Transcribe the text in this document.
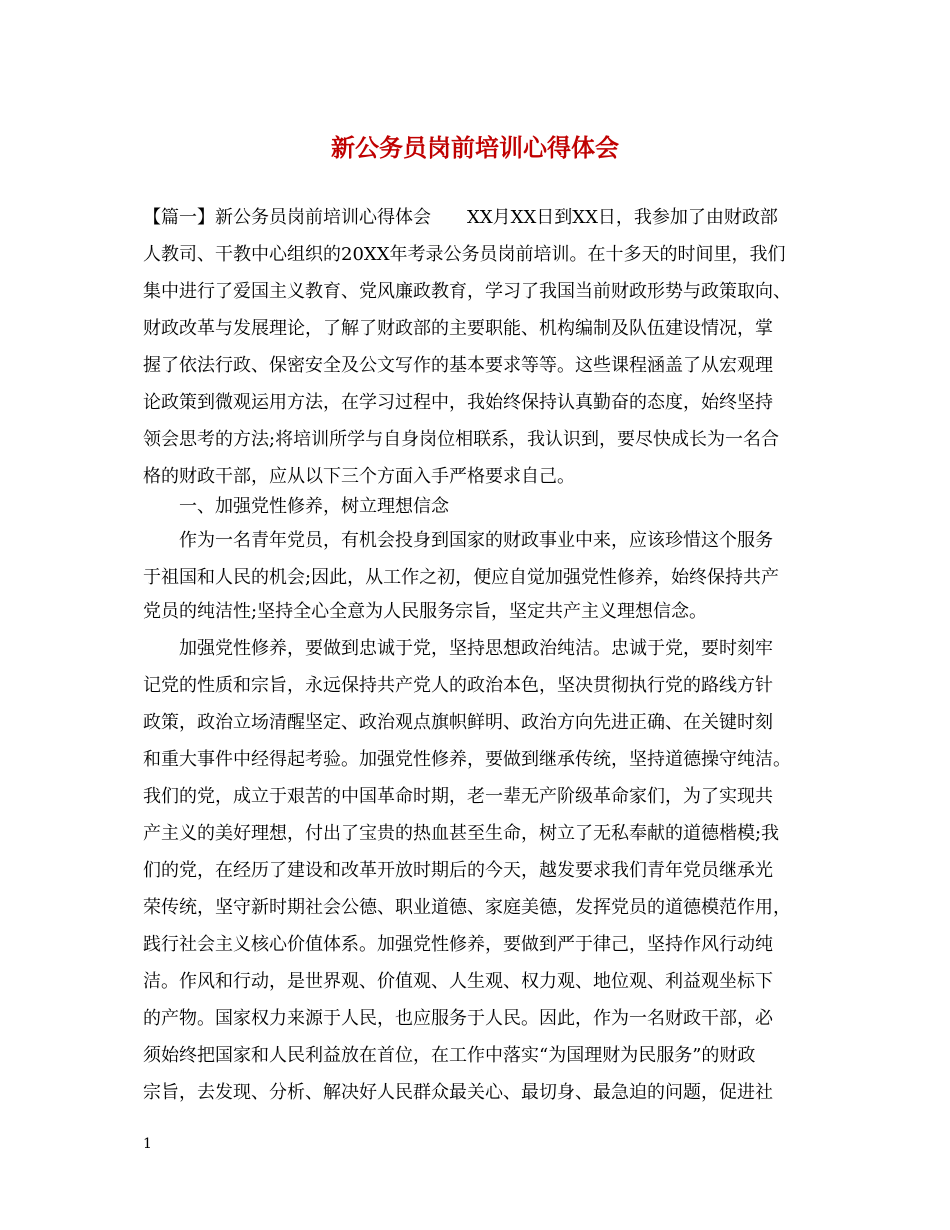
新公务员岗前培训心得体会
【篇一】新公务员岗前培训心得体会　　XX月XX日到XX日，我参加了由财政部
人教司、干教中心组织的20XX年考录公务员岗前培训。在十多天的时间里，我们
集中进行了爱国主义教育、党风廉政教育，学习了我国当前财政形势与政策取向、
财政改革与发展理论，了解了财政部的主要职能、机构编制及队伍建设情况，掌
握了依法行政、保密安全及公文写作的基本要求等等。这些课程涵盖了从宏观理
论政策到微观运用方法，在学习过程中，我始终保持认真勤奋的态度，始终坚持
领会思考的方法;将培训所学与自身岗位相联系，我认识到，要尽快成长为一名合
格的财政干部，应从以下三个方面入手严格要求自己。
一、加强党性修养，树立理想信念
作为一名青年党员，有机会投身到国家的财政事业中来，应该珍惜这个服务
于祖国和人民的机会;因此，从工作之初，便应自觉加强党性修养，始终保持共产
党员的纯洁性;坚持全心全意为人民服务宗旨，坚定共产主义理想信念。
加强党性修养，要做到忠诚于党，坚持思想政治纯洁。忠诚于党，要时刻牢
记党的性质和宗旨，永远保持共产党人的政治本色，坚决贯彻执行党的路线方针
政策，政治立场清醒坚定、政治观点旗帜鲜明、政治方向先进正确、在关键时刻
和重大事件中经得起考验。加强党性修养，要做到继承传统，坚持道德操守纯洁。
我们的党，成立于艰苦的中国革命时期，老一辈无产阶级革命家们，为了实现共
产主义的美好理想，付出了宝贵的热血甚至生命，树立了无私奉献的道德楷模;我
们的党，在经历了建设和改革开放时期后的今天，越发要求我们青年党员继承光
荣传统，坚守新时期社会公德、职业道德、家庭美德，发挥党员的道德模范作用，
践行社会主义核心价值体系。加强党性修养，要做到严于律己，坚持作风行动纯
洁。作风和行动，是世界观、价值观、人生观、权力观、地位观、利益观坐标下
的产物。国家权力来源于人民，也应服务于人民。因此，作为一名财政干部，必
须始终把国家和人民利益放在首位，在工作中落实“为国理财为民服务”的财政
宗旨，去发现、分析、解决好人民群众最关心、最切身、最急迫的问题，促进社
1
